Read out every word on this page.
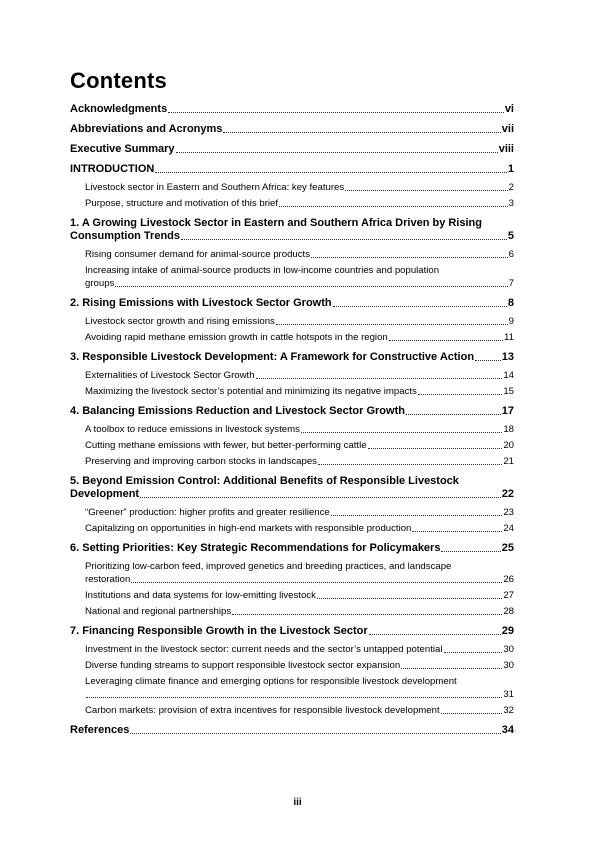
Contents
Acknowledgments	vi
Abbreviations and Acronyms	vii
Executive Summary	viii
INTRODUCTION	1
Livestock sector in Eastern and Southern Africa: key features	2
Purpose, structure and motivation of this brief	3
1. A Growing Livestock Sector in Eastern and Southern Africa Driven by Rising
Consumption Trends	5
Rising consumer demand for animal-source products	6
Increasing intake of animal-source products in low-income countries and population
groups	7
2. Rising Emissions with Livestock Sector Growth	8
Livestock sector growth and rising emissions	9
Avoiding rapid methane emission growth in cattle hotspots in the region	11
3. Responsible Livestock Development: A Framework for Constructive Action	13
Externalities of Livestock Sector Growth	14
Maximizing the livestock sector’s potential and minimizing its negative impacts	15
4. Balancing Emissions Reduction and Livestock Sector Growth	17
A toolbox to reduce emissions in livestock systems	18
Cutting methane emissions with fewer, but better-performing cattle	20
Preserving and improving carbon stocks in landscapes	21
5. Beyond Emission Control: Additional Benefits of Responsible Livestock
Development	22
“Greener” production: higher profits and greater resilience	23
Capitalizing on opportunities in high-end markets with responsible production	24
6. Setting Priorities: Key Strategic Recommendations for Policymakers	25
Prioritizing low-carbon feed, improved genetics and breeding practices, and landscape
restoration	26
Institutions and data systems for low-emitting livestock	27
National and regional partnerships	28
7. Financing Responsible Growth in the Livestock Sector	29
Investment in the livestock sector: current needs and the sector’s untapped potential	30
Diverse funding streams to support responsible livestock sector expansion	30
Leveraging climate finance and emerging options for responsible livestock development
31
Carbon markets: provision of extra incentives for responsible livestock development	32
References	34
iii
